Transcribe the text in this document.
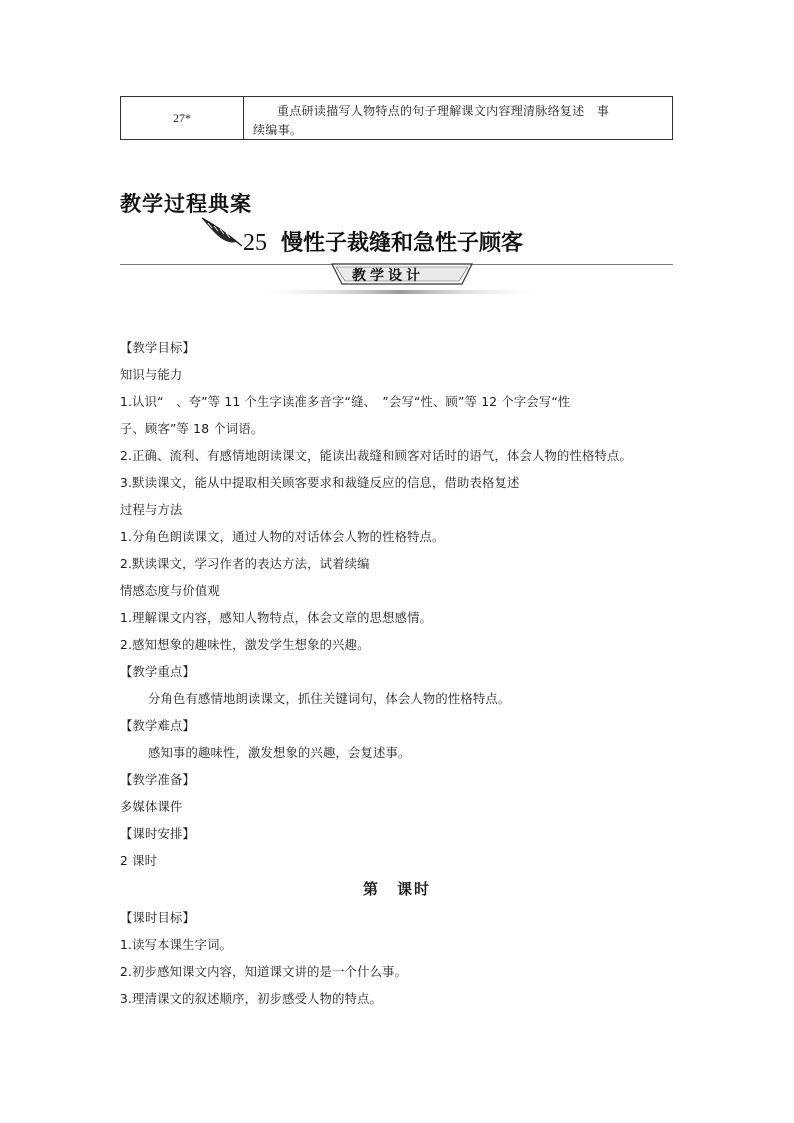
27*	重点研读描写人物特点的句子理解课文内容理清脉络复述　事
续编事。
教学过程典案
25 慢性子裁缝和急性子顾客
教学设计
【教学目标】
知识与能力
1.认识“　、夸”等 11 个生字读准多音字“缝、　”会写“性、顾”等 12 个字会写“性
子、顾客”等 18 个词语。
2.正确、流利、有感情地朗读课文，能读出裁缝和顾客对话时的语气，体会人物的性格特点。
3.默读课文，能从中提取相关顾客要求和裁缝反应的信息，借助表格复述
过程与方法
1.分角色朗读课文，通过人物的对话体会人物的性格特点。
2.默读课文，学习作者的表达方法，试着续编
情感态度与价值观
1.理解课文内容，感知人物特点，体会文章的思想感情。
2.感知想象的趣味性，激发学生想象的兴趣。
【教学重点】
分角色有感情地朗读课文，抓住关键词句，体会人物的性格特点。
【教学难点】
感知事的趣味性，激发想象的兴趣，会复述事。
【教学准备】
多媒体课件
【课时安排】
2 课时
第　课时
【课时目标】
1.读写本课生字词。
2.初步感知课文内容，知道课文讲的是一个什么事。
3.理清课文的叙述顺序，初步感受人物的特点。
